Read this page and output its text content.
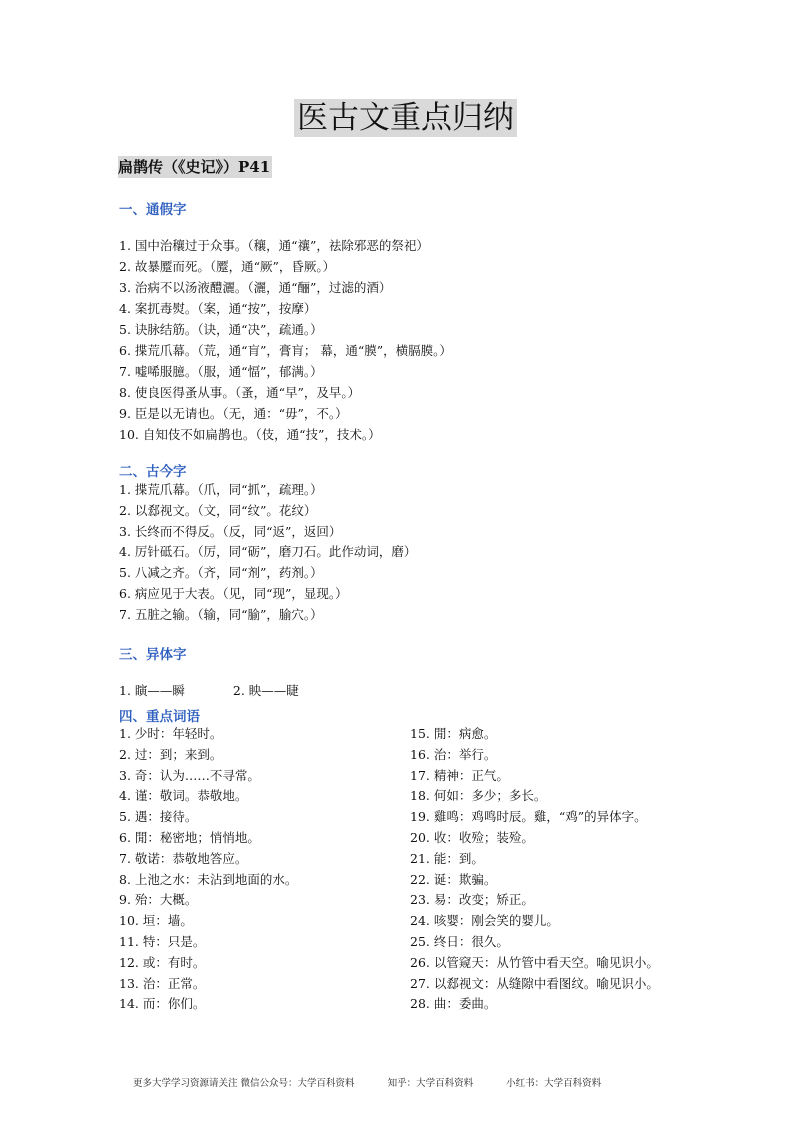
医古文重点归纳
扁鹊传（《史记》）P41
一、通假字
1. 国中治穰过于众事。（穰，通“禳”，祛除邪恶的祭祀）
2. 故暴蹷而死。（蹷，通“厥”，昏厥。）
3. 治病不以汤液醴灑。（灑，通“酾”，过滤的酒）
4. 案扤毒熨。（案，通“按”，按摩）
5. 诀脉结筋。（诀，通“决”，疏通。）
6. 揲荒爪幕。（荒，通“肓”，膏肓； 幕，通“膜”，横膈膜。）
7. 嘘唏服臆。（服，通“愊”，郁满。）
8. 使良医得蚤从事。（蚤，通“早”，及早。）
9. 臣是以无请也。（无，通：“毋”，不。）
10. 自知伎不如扁鹊也。（伎，通“技”，技术。）
二、古今字
1. 揲荒爪幕。（爪，同“抓”，疏理。）
2. 以郄视文。（文，同“纹”。花纹）
3. 长终而不得反。（反，同“返”，返回）
4. 厉针砥石。（厉，同“砺”，磨刀石。此作动词，磨）
5. 八减之齐。（齐，同“剂”，药剂。）
6. 病应见于大表。（见，同“现”，显现。）
7. 五脏之输。（输，同“腧”，腧穴。）
三、异体字
1. 瞚——瞬	2. 眏——睫
四、重点词语
1. 少时：年轻时。
2. 过：到；来到。
3. 奇：认为……不寻常。
4. 谨：敬词。恭敬地。
5. 遇：接待。
6. 閒：秘密地；悄悄地。
7. 敬诺：恭敬地答应。
8. 上池之水：未沾到地面的水。
9. 殆：大概。
10. 垣：墙。
11. 特：只是。
12. 或：有时。
13. 治：正常。
14. 而：你们。
15. 閒：病愈。
16. 治：举行。
17. 精神：正气。
18. 何如：多少；多长。
19. 雞鸣：鸡鸣时辰。雞，“鸡”的异体字。
20. 收：收殓；装殓。
21. 能：到。
22. 诞：欺骗。
23. 易：改变；矫正。
24. 咳婴：刚会笑的婴儿。
25. 终日：很久。
26. 以管窥天：从竹管中看天空。喻见识小。
27. 以郄视文：从缝隙中看图纹。喻见识小。
28. 曲：委曲。
更多大学学习资源请关注 微信公众号：大学百科资料	知乎：大学百科资料	小红书：大学百科资料
